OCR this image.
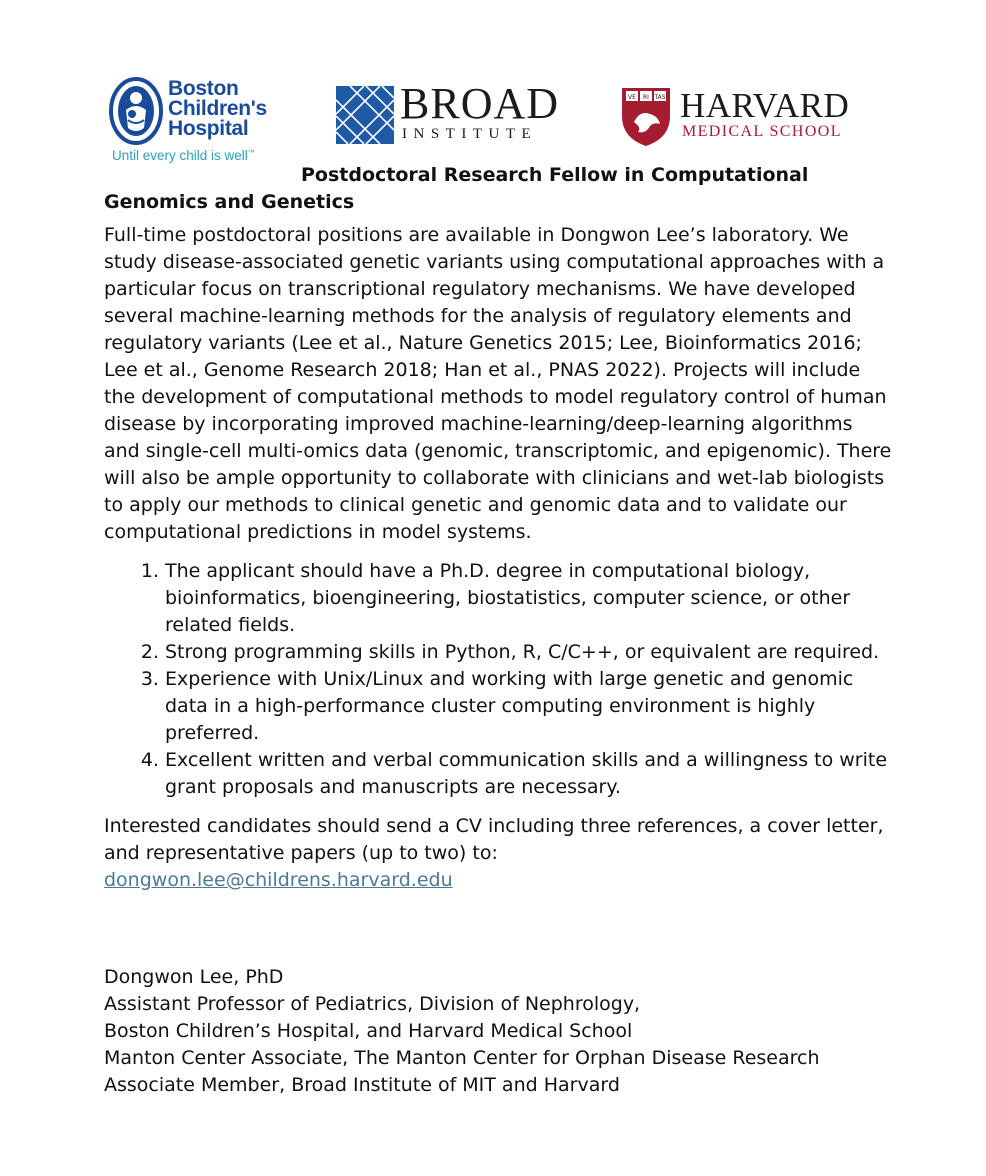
Boston
Children's
Hospital
Until every child is well™
BROAD
INSTITUTE
VE RI TAS HARVARD
MEDICAL SCHOOL

Postdoctoral Research Fellow in Computational Genomics and Genetics

Full-time postdoctoral positions are available in Dongwon Lee’s laboratory. We study disease-associated genetic variants using computational approaches with a particular focus on transcriptional regulatory mechanisms. We have developed several machine-learning methods for the analysis of regulatory elements and regulatory variants (Lee et al., Nature Genetics 2015; Lee, Bioinformatics 2016; Lee et al., Genome Research 2018; Han et al., PNAS 2022). Projects will include the development of computational methods to model regulatory control of human disease by incorporating improved machine-learning/deep-learning algorithms and single-cell multi-omics data (genomic, transcriptomic, and epigenomic). There will also be ample opportunity to collaborate with clinicians and wet-lab biologists to apply our methods to clinical genetic and genomic data and to validate our computational predictions in model systems.

1. The applicant should have a Ph.D. degree in computational biology, bioinformatics, bioengineering, biostatistics, computer science, or other related fields.
2. Strong programming skills in Python, R, C/C++, or equivalent are required.
3. Experience with Unix/Linux and working with large genetic and genomic data in a high-performance cluster computing environment is highly preferred.
4. Excellent written and verbal communication skills and a willingness to write grant proposals and manuscripts are necessary.

Interested candidates should send a CV including three references, a cover letter, and representative papers (up to two) to:
dongwon.lee@childrens.harvard.edu

Dongwon Lee, PhD
Assistant Professor of Pediatrics, Division of Nephrology,
Boston Children’s Hospital, and Harvard Medical School
Manton Center Associate, The Manton Center for Orphan Disease Research
Associate Member, Broad Institute of MIT and Harvard
